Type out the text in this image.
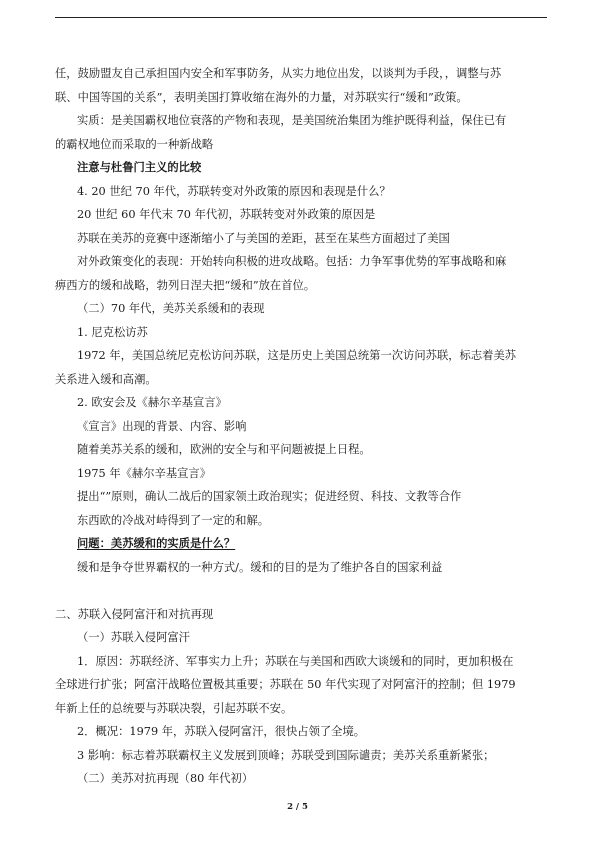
任，鼓励盟友自己承担国内安全和军事防务，从实力地位出发，以谈判为手段，，调整与苏
联、中国等国的关系”，表明美国打算收缩在海外的力量，对苏联实行“缓和”政策。
实质：是美国霸权地位衰落的产物和表现，是美国统治集团为维护既得利益，保住已有
的霸权地位而采取的一种新战略
注意与杜鲁门主义的比较
4. 20 世纪 70 年代，苏联转变对外政策的原因和表现是什么？
20 世纪 60 年代末 70 年代初，苏联转变对外政策的原因是
苏联在美苏的竞赛中逐渐缩小了与美国的差距，甚至在某些方面超过了美国
对外政策变化的表现：开始转向积极的进攻战略。包括：力争军事优势的军事战略和麻
痹西方的缓和战略，勃列日涅夫把“缓和”放在首位。
（二）70 年代，美苏关系缓和的表现
1. 尼克松访苏
1972 年，美国总统尼克松访问苏联，这是历史上美国总统第一次访问苏联，标志着美苏
关系进入缓和高潮。
2. 欧安会及《赫尔辛基宣言》
《宣言》出现的背景、内容、影响
随着美苏关系的缓和，欧洲的安全与和平问题被提上日程。
1975 年《赫尔辛基宣言》
提出“”原则，确认二战后的国家领土政治现实；促进经贸、科技、文教等合作
东西欧的冷战对峙得到了一定的和解。
问题：美苏缓和的实质是什么？
缓和是争夺世界霸权的一种方式/。缓和的目的是为了维护各自的国家利益
二、苏联入侵阿富汗和对抗再现
（一）苏联入侵阿富汗
1．原因：苏联经济、军事实力上升；苏联在与美国和西欧大谈缓和的同时，更加积极在
全球进行扩张；阿富汗战略位置极其重要；苏联在 50 年代实现了对阿富汗的控制；但 1979
年新上任的总统要与苏联决裂，引起苏联不安。
2．概况：1979 年，苏联入侵阿富汗，很快占领了全境。
3 影响：标志着苏联霸权主义发展到顶峰；苏联受到国际谴责；美苏关系重新紧张；
（二）美苏对抗再现（80 年代初）
2 / 5
